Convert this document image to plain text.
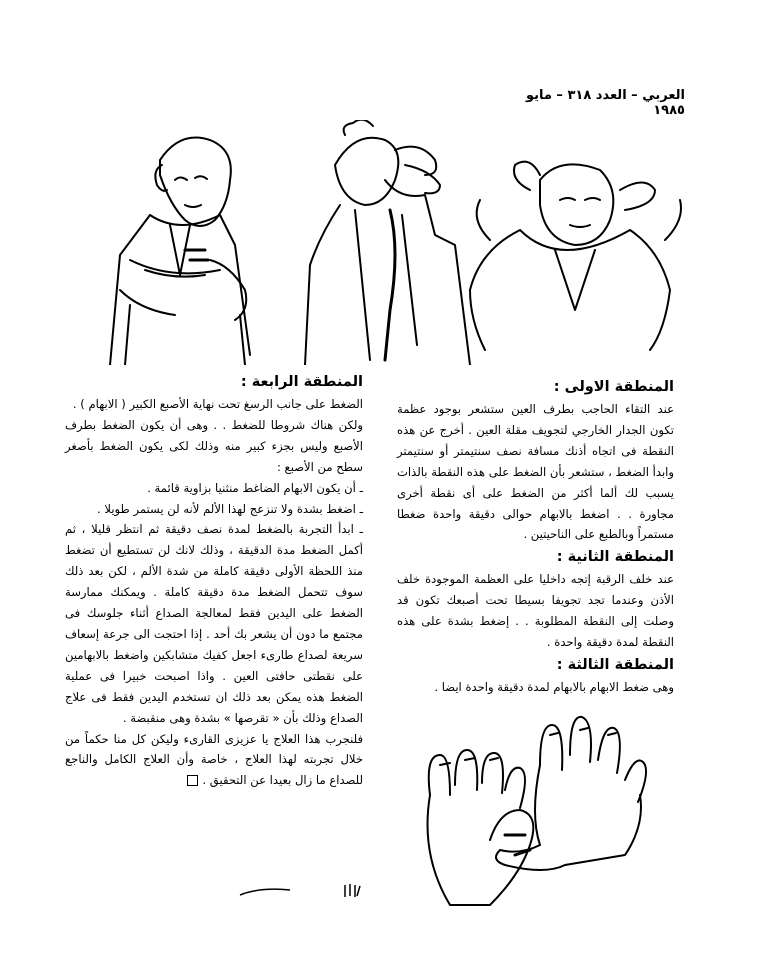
العربي – العدد ٣١٨ – مايو ١٩٨٥

المنطقة الاولى :

عند التقاء الحاجب بطرف العين ستشعر بوجود عظمة تكون الجدار الخارجي لتجويف مقلة العين . أخرج عن هذه النقطة فى اتجاه أذنك مسافة نصف سنتيمتر أو سنتيمتر وابدأ الضغط ، ستشعر بأن الضغط على هذه النقطة بالذات يسبب لك ألما أكثر من الضغط على أى نقطة أخرى مجاورة . . اضغط بالابهام حوالى دقيقة واحدة ضغطا مستمراً وبالطبع على الناحيتين .

المنطقة الثانية :

عند خلف الرقبة إتجه داخليا على العظمة الموجودة خلف الأذن وعندما تجد تجويفا بسيطا تحت أصبعك تكون قد وصلت إلى النقطة المطلوبة . . إضغط بشدة على هذه النقطة لمدة دقيقة واحدة .

المنطقة الثالثة :

وهى ضغط الابهام بالابهام لمدة دقيقة واحدة ايضا .

المنطقة الرابعة :

الضغط على جانب الرسغ تحت نهاية الأصبع الكبير ( الابهام ) .

ولكن هناك شروطا للضغط . . وهى أن يكون الضغط بطرف الأصبع وليس بجزء كبير منه وذلك لكى يكون الضغط بأصغر سطح من الأصبع :

ـ أن يكون الابهام الضاغط منثنيا بزاوية قائمة .

ـ اضغط بشدة ولا تنزعج لهذا الألم لأنه لن يستمر طويلا .

ـ ابدأ التجربة بالضغط لمدة نصف دقيقة ثم انتظر قليلا ، ثم أكمل الضغط مدة الدقيقة ، وذلك لانك لن تستطيع أن تضغط منذ اللحظة الأولى دقيقة كاملة من شدة الألم ، لكن بعد ذلك سوف تتحمل الضغط مدة دقيقة كاملة . ويمكنك ممارسة الضغط على اليدين فقط لمعالجة الصداع أثناء جلوسك فى مجتمع ما دون أن يشعر بك أحد . إذا احتجت الى جرعة إسعاف سريعة لصداع طارىء اجعل كفيك متشابكين واضغط بالابهامين على نقطتى حافتى العين . واذا اصبحت خبيرا فى عملية الضغط هذه يمكن بعد ذلك ان تستخدم اليدين فقط فى علاج الصداع وذلك بأن « تقرصها » بشدة وهى منقبضة .

فلنجرب هذا العلاج يا عزيزى القارىء وليكن كل منا حكماً من خلال تجربته لهذا العلاج ، خاصة وأن العلاج الكامل والناجع للصداع ما زال بعيدا عن التحقيق .
